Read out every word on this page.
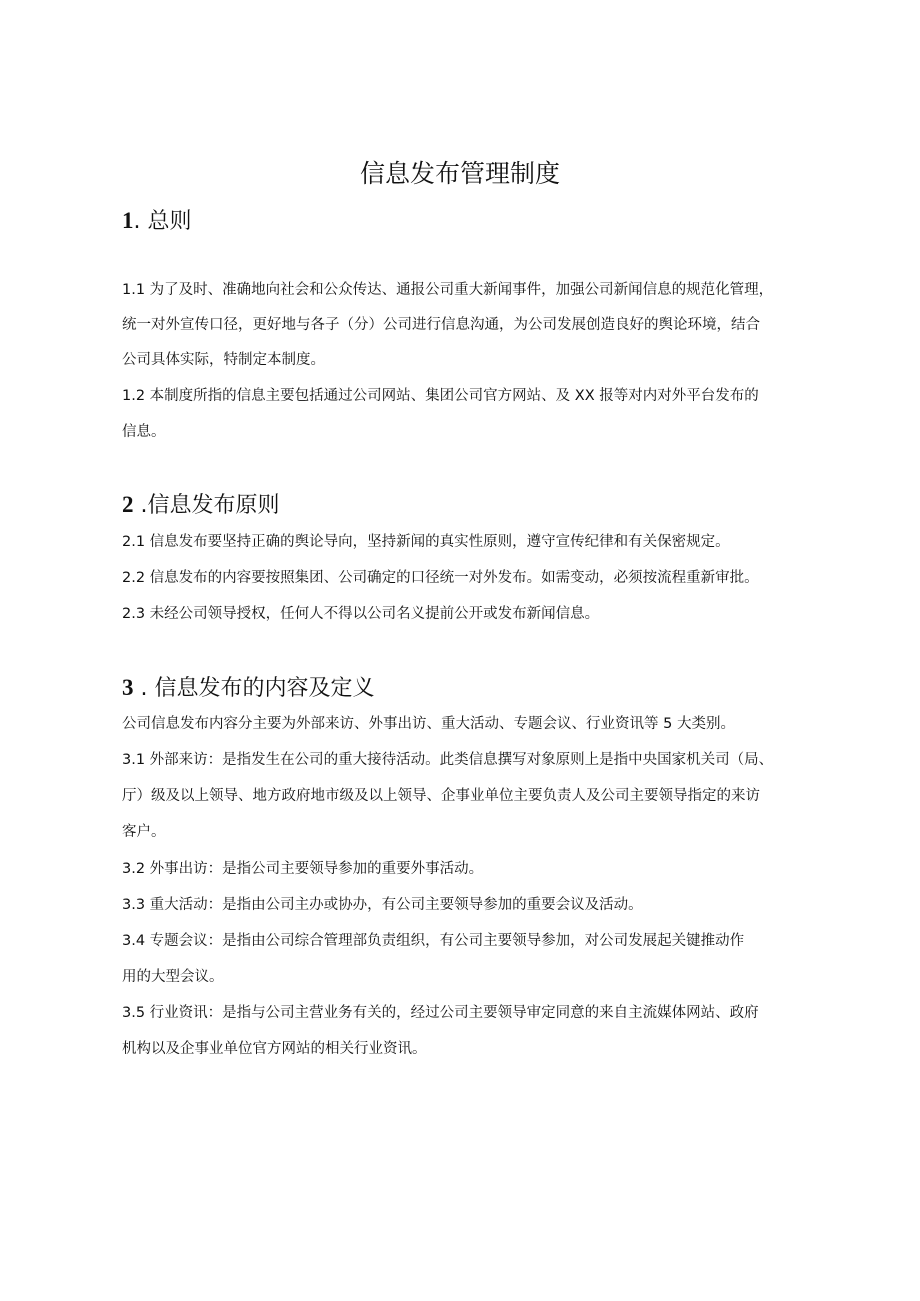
信息发布管理制度
1. 总则
1.1 为了及时、准确地向社会和公众传达、通报公司重大新闻事件，加强公司新闻信息的规范化管理，
统一对外宣传口径，更好地与各子（分）公司进行信息沟通，为公司发展创造良好的舆论环境，结合
公司具体实际，特制定本制度。
1.2 本制度所指的信息主要包括通过公司网站、集团公司官方网站、及 XX 报等对内对外平台发布的
信息。
2 .信息发布原则
2.1 信息发布要坚持正确的舆论导向，坚持新闻的真实性原则，遵守宣传纪律和有关保密规定。
2.2 信息发布的内容要按照集团、公司确定的口径统一对外发布。如需变动，必须按流程重新审批。
2.3 未经公司领导授权，任何人不得以公司名义提前公开或发布新闻信息。
3 . 信息发布的内容及定义
公司信息发布内容分主要为外部来访、外事出访、重大活动、专题会议、行业资讯等 5 大类别。
3.1 外部来访：是指发生在公司的重大接待活动。此类信息撰写对象原则上是指中央国家机关司（局、
厅）级及以上领导、地方政府地市级及以上领导、企事业单位主要负责人及公司主要领导指定的来访
客户。
3.2 外事出访：是指公司主要领导参加的重要外事活动。
3.3 重大活动：是指由公司主办或协办，有公司主要领导参加的重要会议及活动。
3.4 专题会议：是指由公司综合管理部负责组织，有公司主要领导参加，对公司发展起关键推动作
用的大型会议。
3.5 行业资讯：是指与公司主营业务有关的，经过公司主要领导审定同意的来自主流媒体网站、政府
机构以及企事业单位官方网站的相关行业资讯。
